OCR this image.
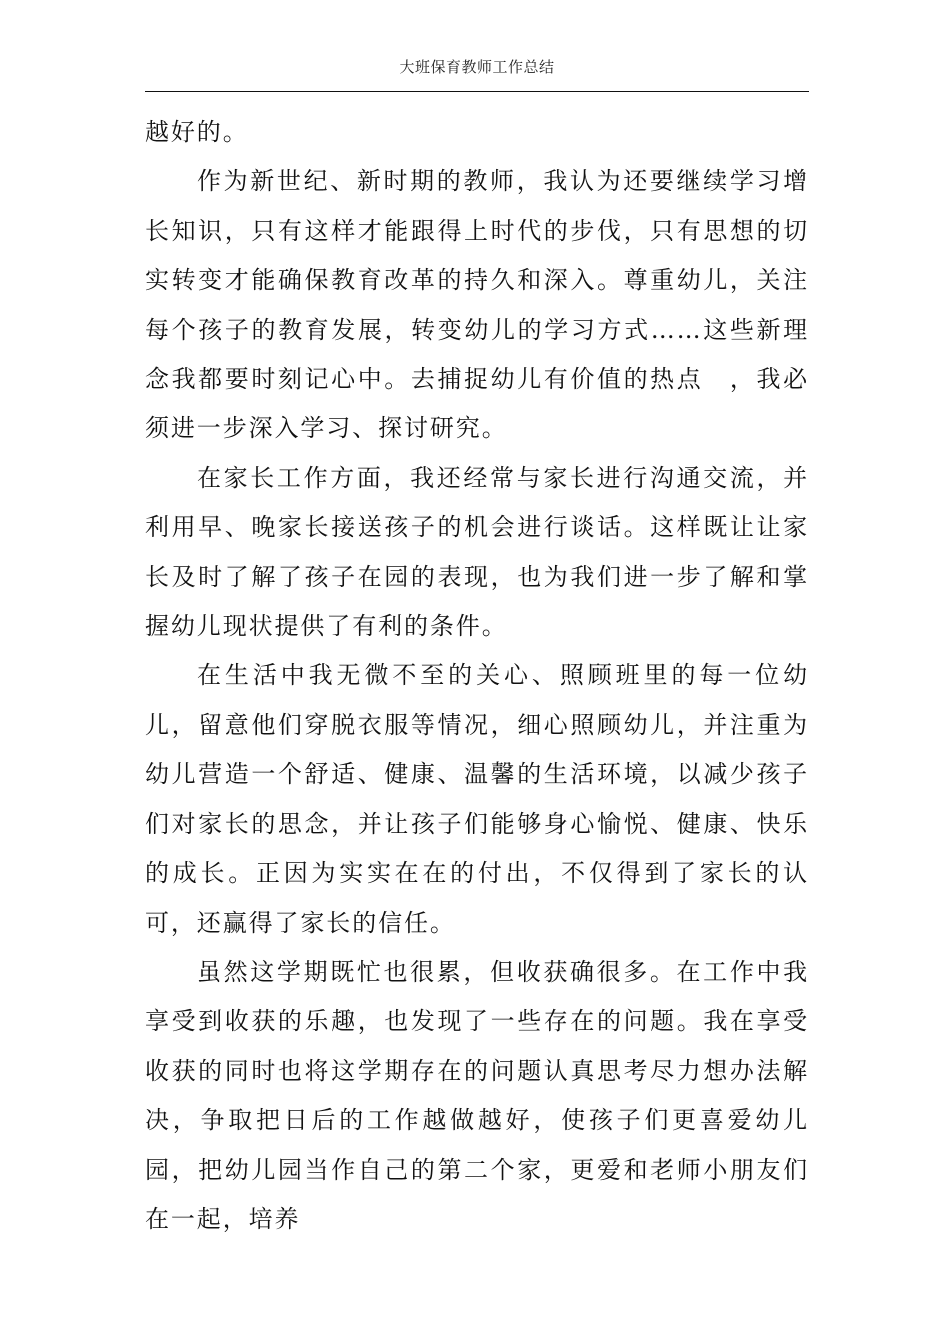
大班保育教师工作总结

越好的。

作为新世纪、新时期的教师，我认为还要继续学习增长知识，只有这样才能跟得上时代的步伐，只有思想的切实转变才能确保教育改革的持久和深入。尊重幼儿，关注每个孩子的教育发展，转变幼儿的学习方式……这些新理念我都要时刻记心中。去捕捉幼儿有价值的热点　，我必须进一步深入学习、探讨研究。

在家长工作方面，我还经常与家长进行沟通交流，并利用早、晚家长接送孩子的机会进行谈话。这样既让让家长及时了解了孩子在园的表现，也为我们进一步了解和掌握幼儿现状提供了有利的条件。

在生活中我无微不至的关心、照顾班里的每一位幼儿，留意他们穿脱衣服等情况，细心照顾幼儿，并注重为幼儿营造一个舒适、健康、温馨的生活环境，以减少孩子们对家长的思念，并让孩子们能够身心愉悦、健康、快乐的成长。正因为实实在在的付出，不仅得到了家长的认可，还赢得了家长的信任。

虽然这学期既忙也很累，但收获确很多。在工作中我享受到收获的乐趣，也发现了一些存在的问题。我在享受收获的同时也将这学期存在的问题认真思考尽力想办法解决，争取把日后的工作越做越好，使孩子们更喜爱幼儿园，把幼儿园当作自己的第二个家，更爱和老师小朋友们在一起，培养
